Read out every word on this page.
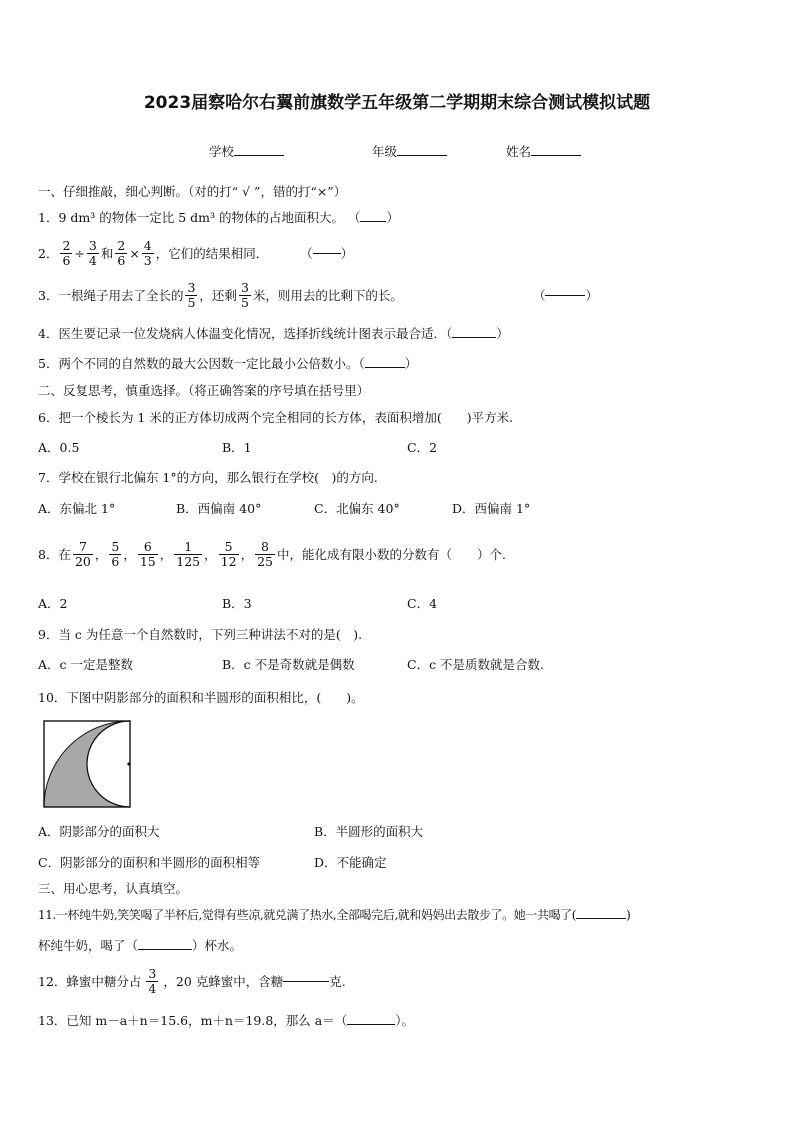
2023届察哈尔右翼前旗数学五年级第二学期期末综合测试模拟试题
学校	年级	姓名
一、仔细推敲，细心判断。（对的打“ √ ”，错的打“×”）
1．9 dm³ 的物体一定比 5 dm³ 的物体的占地面积大。 （ ）
2． $\frac{2}{6} \div \frac{3}{4}$ 和 $\frac{2}{6} \times \frac{4}{3}$ ，它们的结果相同．	（ ）
3． 一根绳子用去了全长的 $\frac{3}{5}$ ，还剩 $\frac{3}{5}$ 米，则用去的比剩下的长。	（	）
4．医生要记录一位发烧病人体温变化情况，选择折线统计图表示最合适．（	）
5．两个不同的自然数的最大公因数一定比最小公倍数小。（	）
二、反复思考，慎重选择。（将正确答案的序号填在括号里）
6．把一个棱长为 1 米的正方体切成两个完全相同的长方体，表面积增加(　　)平方米.
A．0.5	B．1	C．2
7．学校在银行北偏东 1°的方向，那么银行在学校(　)的方向.
A．东偏北 1°	B．西偏南 40°	C．北偏东 40°	D．西偏南 1°
8． 在 $\frac{7}{20}$ ， $\frac{5}{6}$ ， $\frac{6}{15}$ ， $\frac{1}{125}$ ， $\frac{5}{12}$ ， $\frac{8}{25}$ 中，能化成有限小数的分数有（　　）个.
A．2	B．3	C．4
9．当 c 为任意一个自然数时，下列三种讲法不对的是(　).
A．c 一定是整数	B．c 不是奇数就是偶数	C．c 不是质数就是合数.
10．下图中阴影部分的面积和半圆形的面积相比，(　　)。
A．阴影部分的面积大	B．半圆形的面积大
C．阴影部分的面积和半圆形的面积相等	D．不能确定
三、用心思考，认真填空。
11.一杯纯牛奶,笑笑喝了半杯后,觉得有些凉,就兑满了热水,全部喝完后,就和妈妈出去散步了。她一共喝了(	)
杯纯牛奶，喝了（	）杯水。
12． 蜂蜜中糖分占 $\frac{3}{4}$ ，20 克蜂蜜中，含糖	克.
13．已知 m－a＋n＝15.6，m＋n＝19.8，那么 a＝（	）。
